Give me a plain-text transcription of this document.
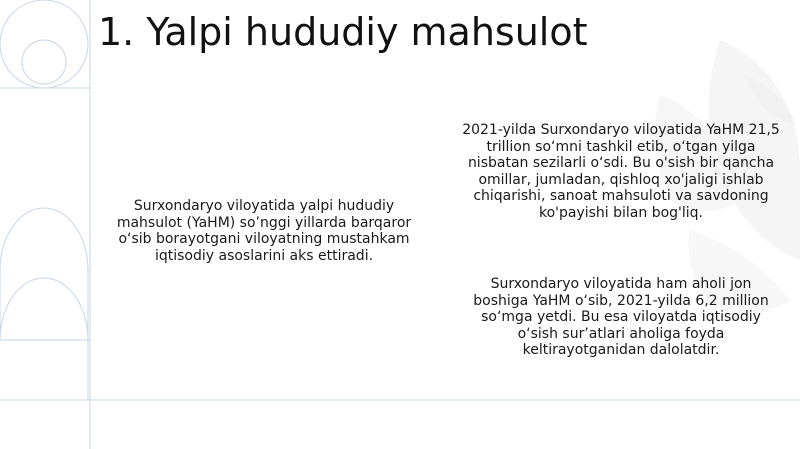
1. Yalpi hududiy mahsulot

Surxondaryo viloyatida yalpi hududiy mahsulot (YaHM) so’nggi yillarda barqaror o‘sib borayotgani viloyatning mustahkam iqtisodiy asoslarini aks ettiradi.

2021-yilda Surxondaryo viloyatida YaHM 21,5 trillion so‘mni tashkil etib, o‘tgan yilga nisbatan sezilarli o‘sdi. Bu o'sish bir qancha omillar, jumladan, qishloq xo'jaligi ishlab chiqarishi, sanoat mahsuloti va savdoning ko'payishi bilan bog'liq.

Surxondaryo viloyatida ham aholi jon boshiga YaHM o‘sib, 2021-yilda 6,2 million so‘mga yetdi. Bu esa viloyatda iqtisodiy o‘sish sur’atlari aholiga foyda keltirayotganidan dalolatdir.
